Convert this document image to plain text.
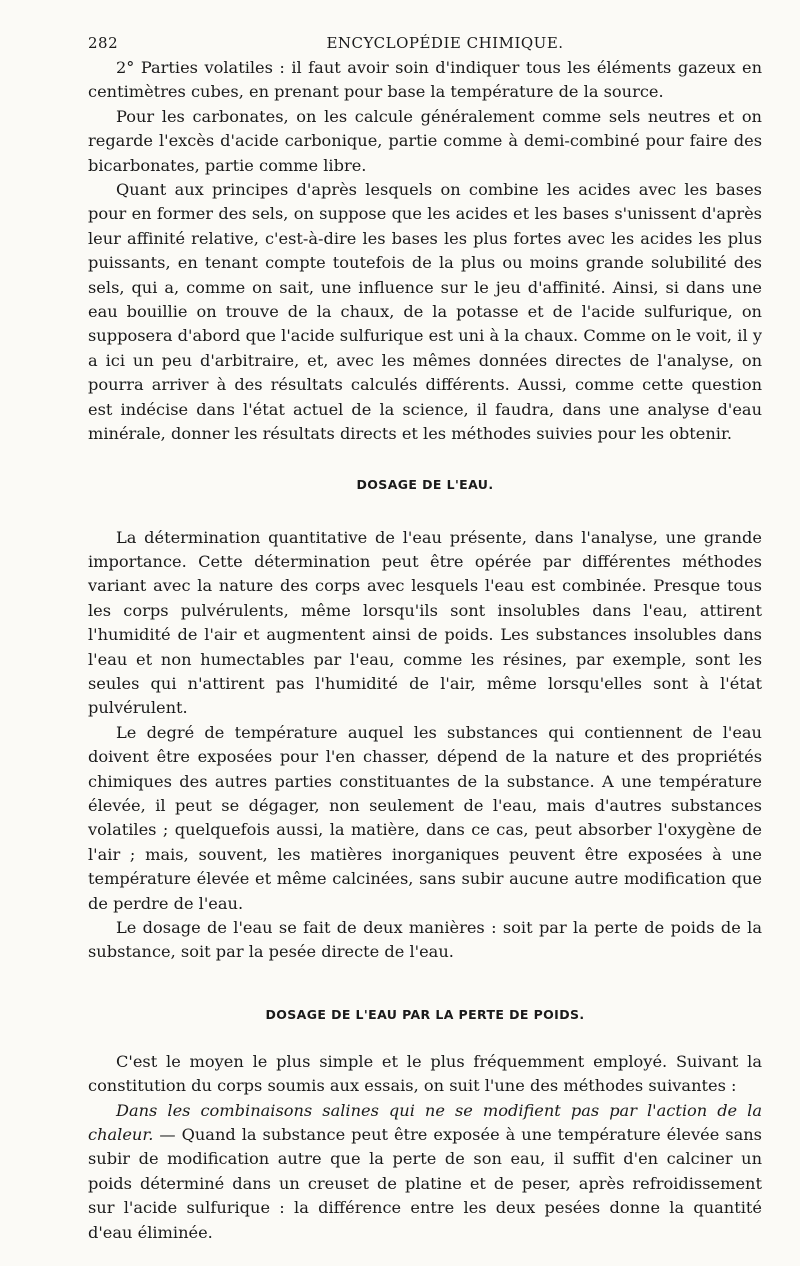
282	ENCYCLOPÉDIE CHIMIQUE.

2° Parties volatiles : il faut avoir soin d'indiquer tous les éléments gazeux en centimètres cubes, en prenant pour base la température de la source.

Pour les carbonates, on les calcule généralement comme sels neutres et on regarde l'excès d'acide carbonique, partie comme à demi-combiné pour faire des bicarbonates, partie comme libre.

Quant aux principes d'après lesquels on combine les acides avec les bases pour en former des sels, on suppose que les acides et les bases s'unissent d'après leur affinité relative, c'est-à-dire les bases les plus fortes avec les acides les plus puissants, en tenant compte toutefois de la plus ou moins grande solubilité des sels, qui a, comme on sait, une influence sur le jeu d'affinité. Ainsi, si dans une eau bouillie on trouve de la chaux, de la potasse et de l'acide sulfurique, on supposera d'abord que l'acide sulfurique est uni à la chaux. Comme on le voit, il y a ici un peu d'arbitraire, et, avec les mêmes données directes de l'analyse, on pourra arriver à des résultats calculés différents. Aussi, comme cette question est indécise dans l'état actuel de la science, il faudra, dans une analyse d'eau minérale, donner les résultats directs et les méthodes suivies pour les obtenir.

DOSAGE DE L'EAU.

La détermination quantitative de l'eau présente, dans l'analyse, une grande importance. Cette détermination peut être opérée par différentes méthodes variant avec la nature des corps avec lesquels l'eau est combinée. Presque tous les corps pulvérulents, même lorsqu'ils sont insolubles dans l'eau, attirent l'humidité de l'air et augmentent ainsi de poids. Les substances insolubles dans l'eau et non humectables par l'eau, comme les résines, par exemple, sont les seules qui n'attirent pas l'humidité de l'air, même lorsqu'elles sont à l'état pulvérulent.

Le degré de température auquel les substances qui contiennent de l'eau doivent être exposées pour l'en chasser, dépend de la nature et des propriétés chimiques des autres parties constituantes de la substance. A une température élevée, il peut se dégager, non seulement de l'eau, mais d'autres substances volatiles ; quelquefois aussi, la matière, dans ce cas, peut absorber l'oxygène de l'air ; mais, souvent, les matières inorganiques peuvent être exposées à une température élevée et même calcinées, sans subir aucune autre modification que de perdre de l'eau.

Le dosage de l'eau se fait de deux manières : soit par la perte de poids de la substance, soit par la pesée directe de l'eau.

DOSAGE DE L'EAU PAR LA PERTE DE POIDS.

C'est le moyen le plus simple et le plus fréquemment employé. Suivant la constitution du corps soumis aux essais, on suit l'une des méthodes suivantes :

Dans les combinaisons salines qui ne se modifient pas par l'action de la chaleur. — Quand la substance peut être exposée à une température élevée sans subir de modification autre que la perte de son eau, il suffit d'en calciner un poids déterminé dans un creuset de platine et de peser, après refroidissement sur l'acide sulfurique : la différence entre les deux pesées donne la quantité d'eau éliminée.
